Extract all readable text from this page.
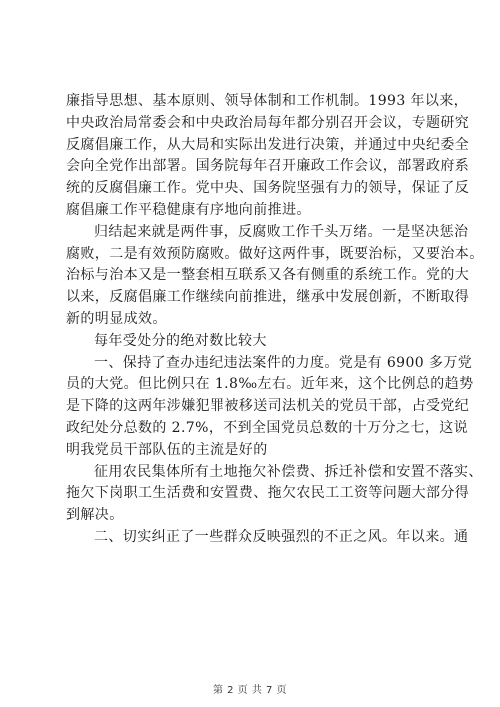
廉指导思想、基本原则、领导体制和工作机制。1993 年以来，
中央政治局常委会和中央政治局每年都分别召开会议，专题研究
反腐倡廉工作，从大局和实际出发进行决策，并通过中央纪委全
会向全党作出部署。国务院每年召开廉政工作会议，部署政府系
统的反腐倡廉工作。党中央、国务院坚强有力的领导，保证了反
腐倡廉工作平稳健康有序地向前推进。
归结起来就是两件事，反腐败工作千头万绪。一是坚决惩治
腐败，二是有效预防腐败。做好这两件事，既要治标，又要治本。
治标与治本又是一整套相互联系又各有侧重的系统工作。党的大
以来，反腐倡廉工作继续向前推进，继承中发展创新，不断取得
新的明显成效。
每年受处分的绝对数比较大
一、保持了查办违纪违法案件的力度。党是有 6900 多万党
员的大党。但比例只在 1.8‰左右。近年来，这个比例总的趋势
是下降的这两年涉嫌犯罪被移送司法机关的党员干部，占受党纪
政纪处分总数的 2.7%，不到全国党员总数的十万分之七，这说
明我党员干部队伍的主流是好的
征用农民集体所有土地拖欠补偿费、拆迁补偿和安置不落实、
拖欠下岗职工生活费和安置费、拖欠农民工工资等问题大部分得
到解决。
二、切实纠正了一些群众反映强烈的不正之风。年以来。通
第 2 页 共 7 页
